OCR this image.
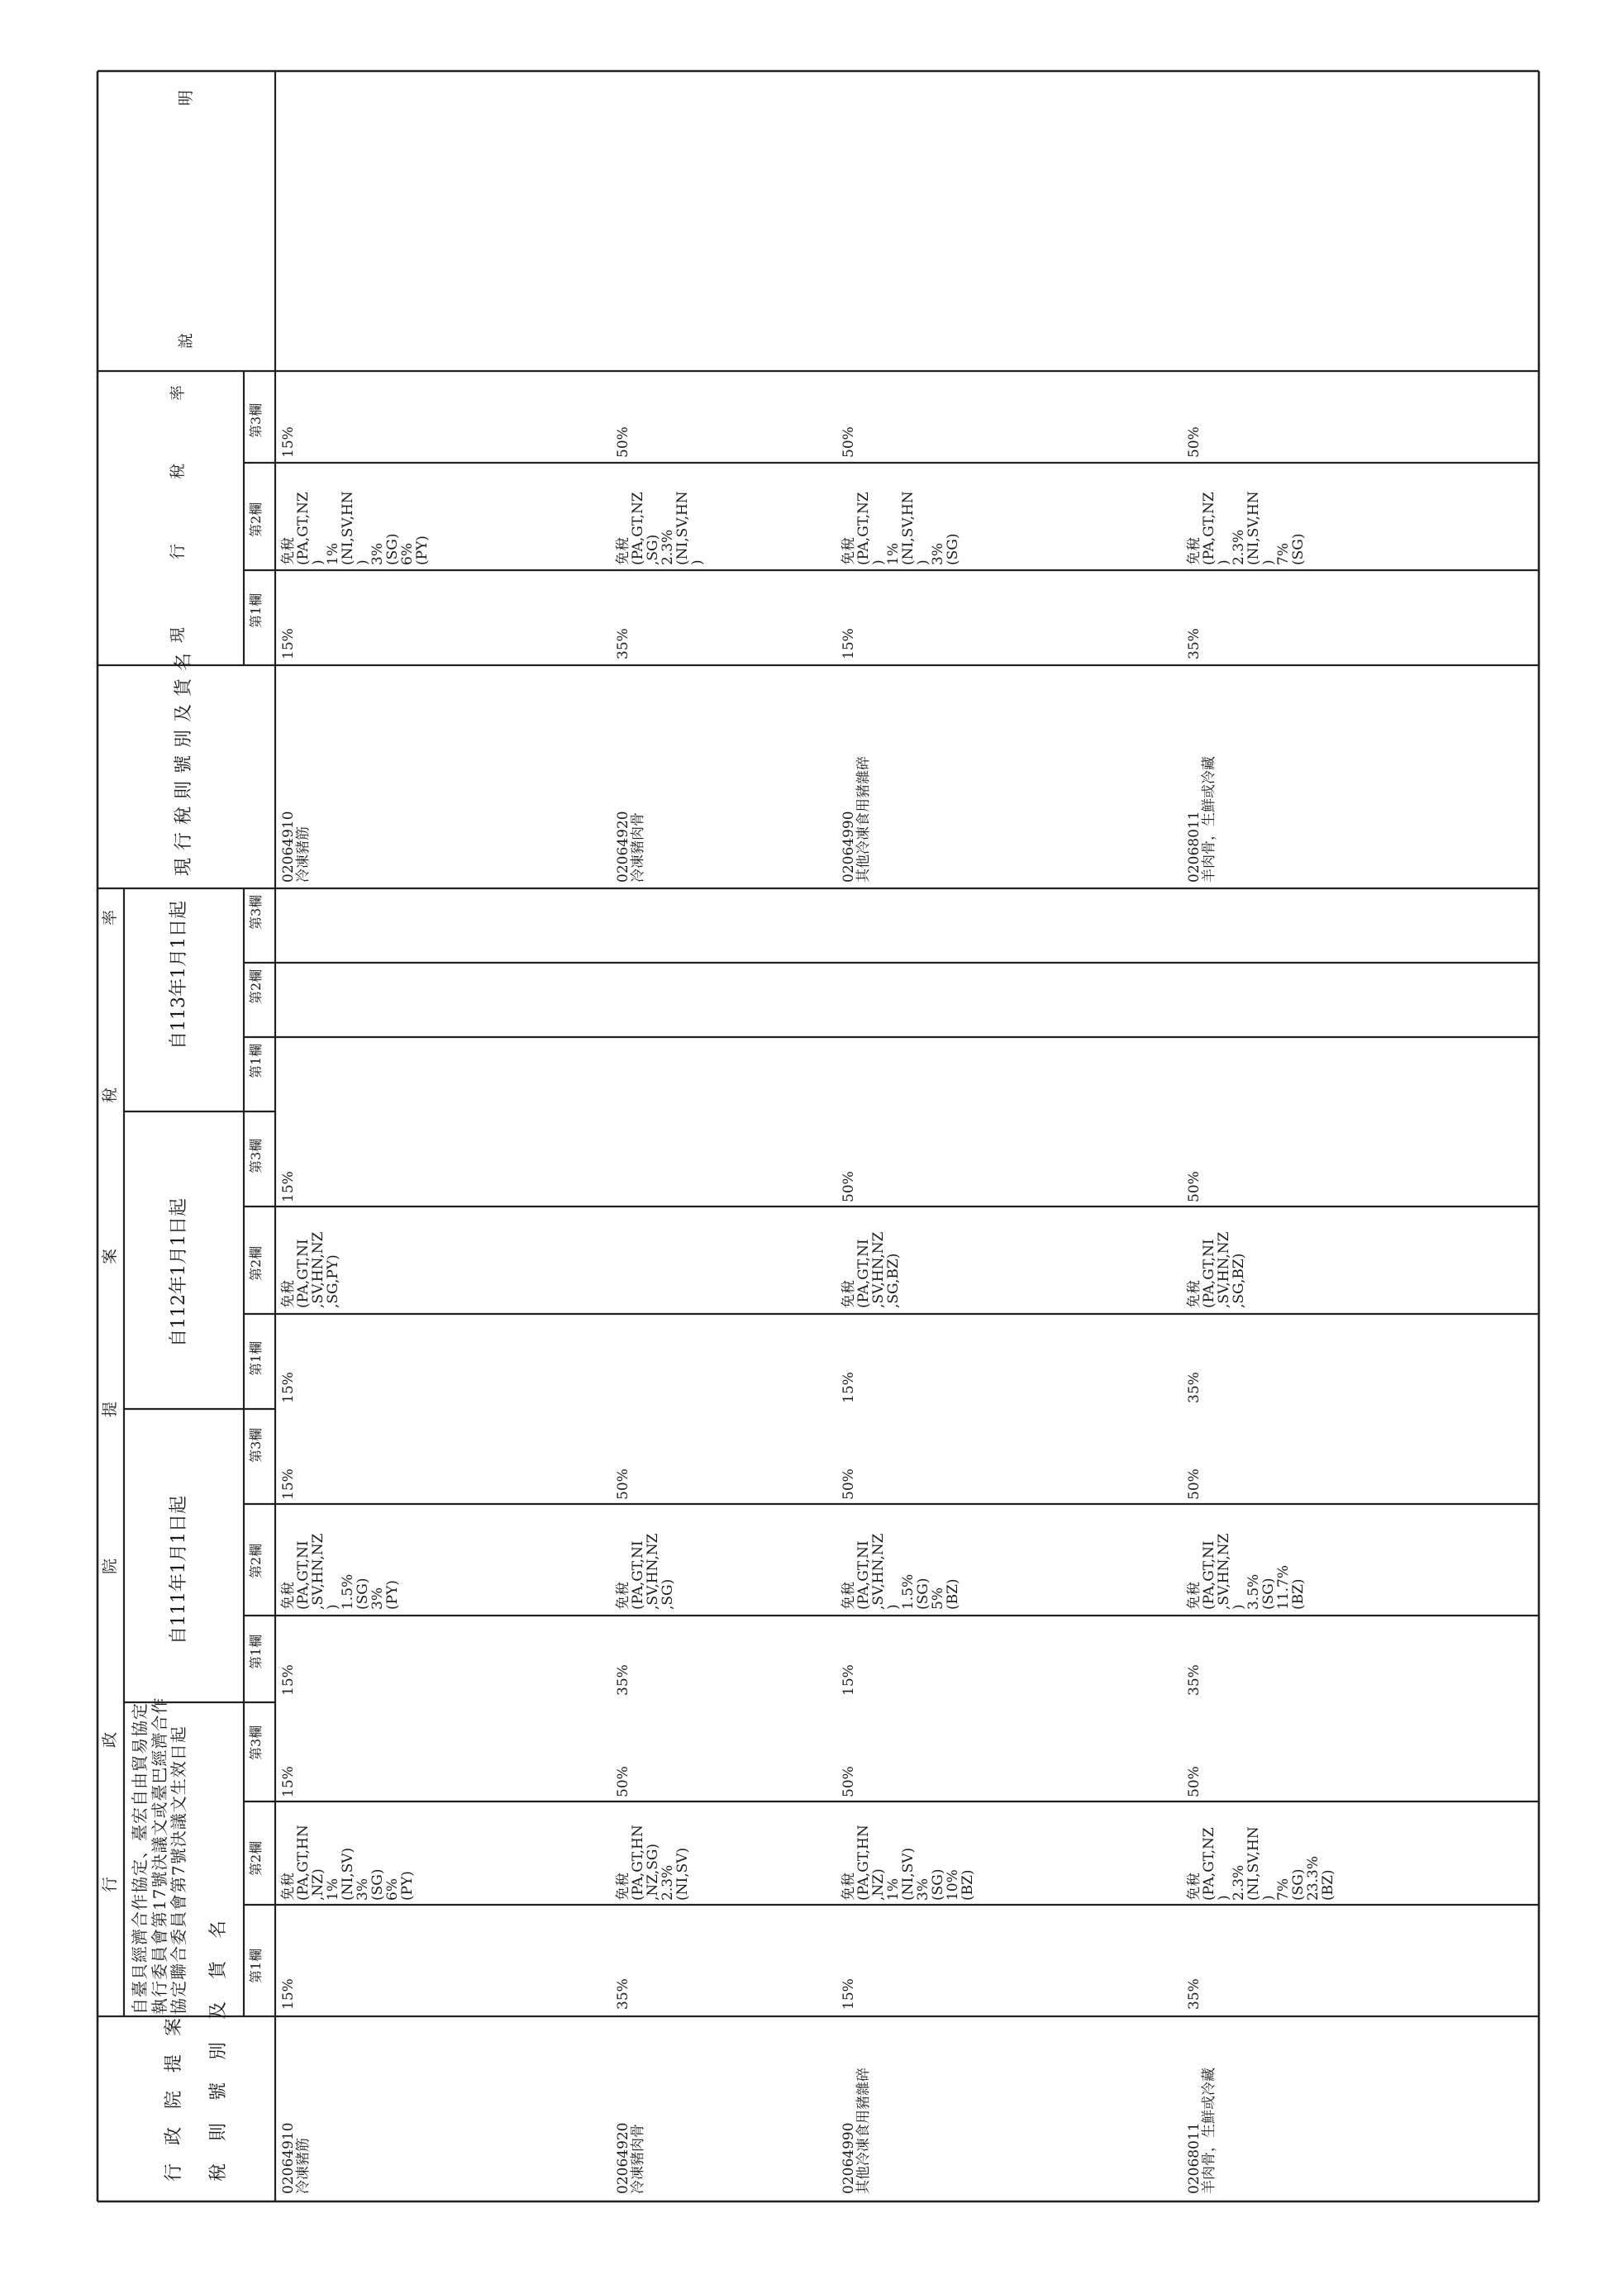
行政院提案 稅 則 號 別 及 貨 名
行
政
院
提
案
稅
率
自臺貝經濟合作協定、臺宏自由貿易協定執行委員會第17號決議文或臺巴經濟合作協定聯合委員會第7號決議文生效日起
自111年1月1日起
自112年1月1日起
自113年1月1日起
第1欄
第2欄
第3欄
第1欄
第2欄
第3欄
第1欄
第2欄
第3欄
第1欄
第2欄
第3欄
現行稅則號別及貨名
現
行
稅
率
第1欄
第2欄
第3欄
說
明
02064910
冷凍豬筋
15%
免稅
(PA,GT,HN
,NZ)
1%
(NI,SV)
3%
(SG)
6%
(PY)
15%
15%
免稅
(PA,GT,NI
,SV,HN,NZ
)
1.5%
(SG)
3%
(PY)
15%
15%
免稅
(PA,GT,NI
,SV,HN,NZ
,SG,PY)
15%
02064910
冷凍豬筋
15%
免稅
(PA,GT,NZ
)
1%
(NI,SV,HN
)
3%
(SG)
6%
(PY)
15%
02064920
冷凍豬肉骨
35%
免稅
(PA,GT,HN
,NZ,SG)
2.3%
(NI,SV)
50%
35%
免稅
(PA,GT,NI
,SV,HN,NZ
,SG)
50%
02064920
冷凍豬肉骨
35%
免稅
(PA,GT,NZ
,SG)
2.3%
(NI,SV,HN
)
50%
02064990
其他冷凍食用豬雜碎
15%
免稅
(PA,GT,HN
,NZ)
1%
(NI,SV)
3%
(SG)
10%
(BZ)
50%
15%
免稅
(PA,GT,NI
,SV,HN,NZ
)
1.5%
(SG)
5%
(BZ)
50%
15%
免稅
(PA,GT,NI
,SV,HN,NZ
,SG,BZ)
50%
02064990
其他冷凍食用豬雜碎
15%
免稅
(PA,GT,NZ
)
1%
(NI,SV,HN
)
3%
(SG)
50%
02068011
羊肉骨，生鮮或冷藏
35%
免稅
(PA,GT,NZ
)
2.3%
(NI,SV,HN
)
7%
(SG)
23.3%
(BZ)
50%
35%
免稅
(PA,GT,NI
,SV,HN,NZ
)
3.5%
(SG)
11.7%
(BZ)
50%
35%
免稅
(PA,GT,NI
,SV,HN,NZ
,SG,BZ)
50%
02068011
羊肉骨，生鮮或冷藏
35%
免稅
(PA,GT,NZ
)
2.3%
(NI,SV,HN
)
7%
(SG)
50%
